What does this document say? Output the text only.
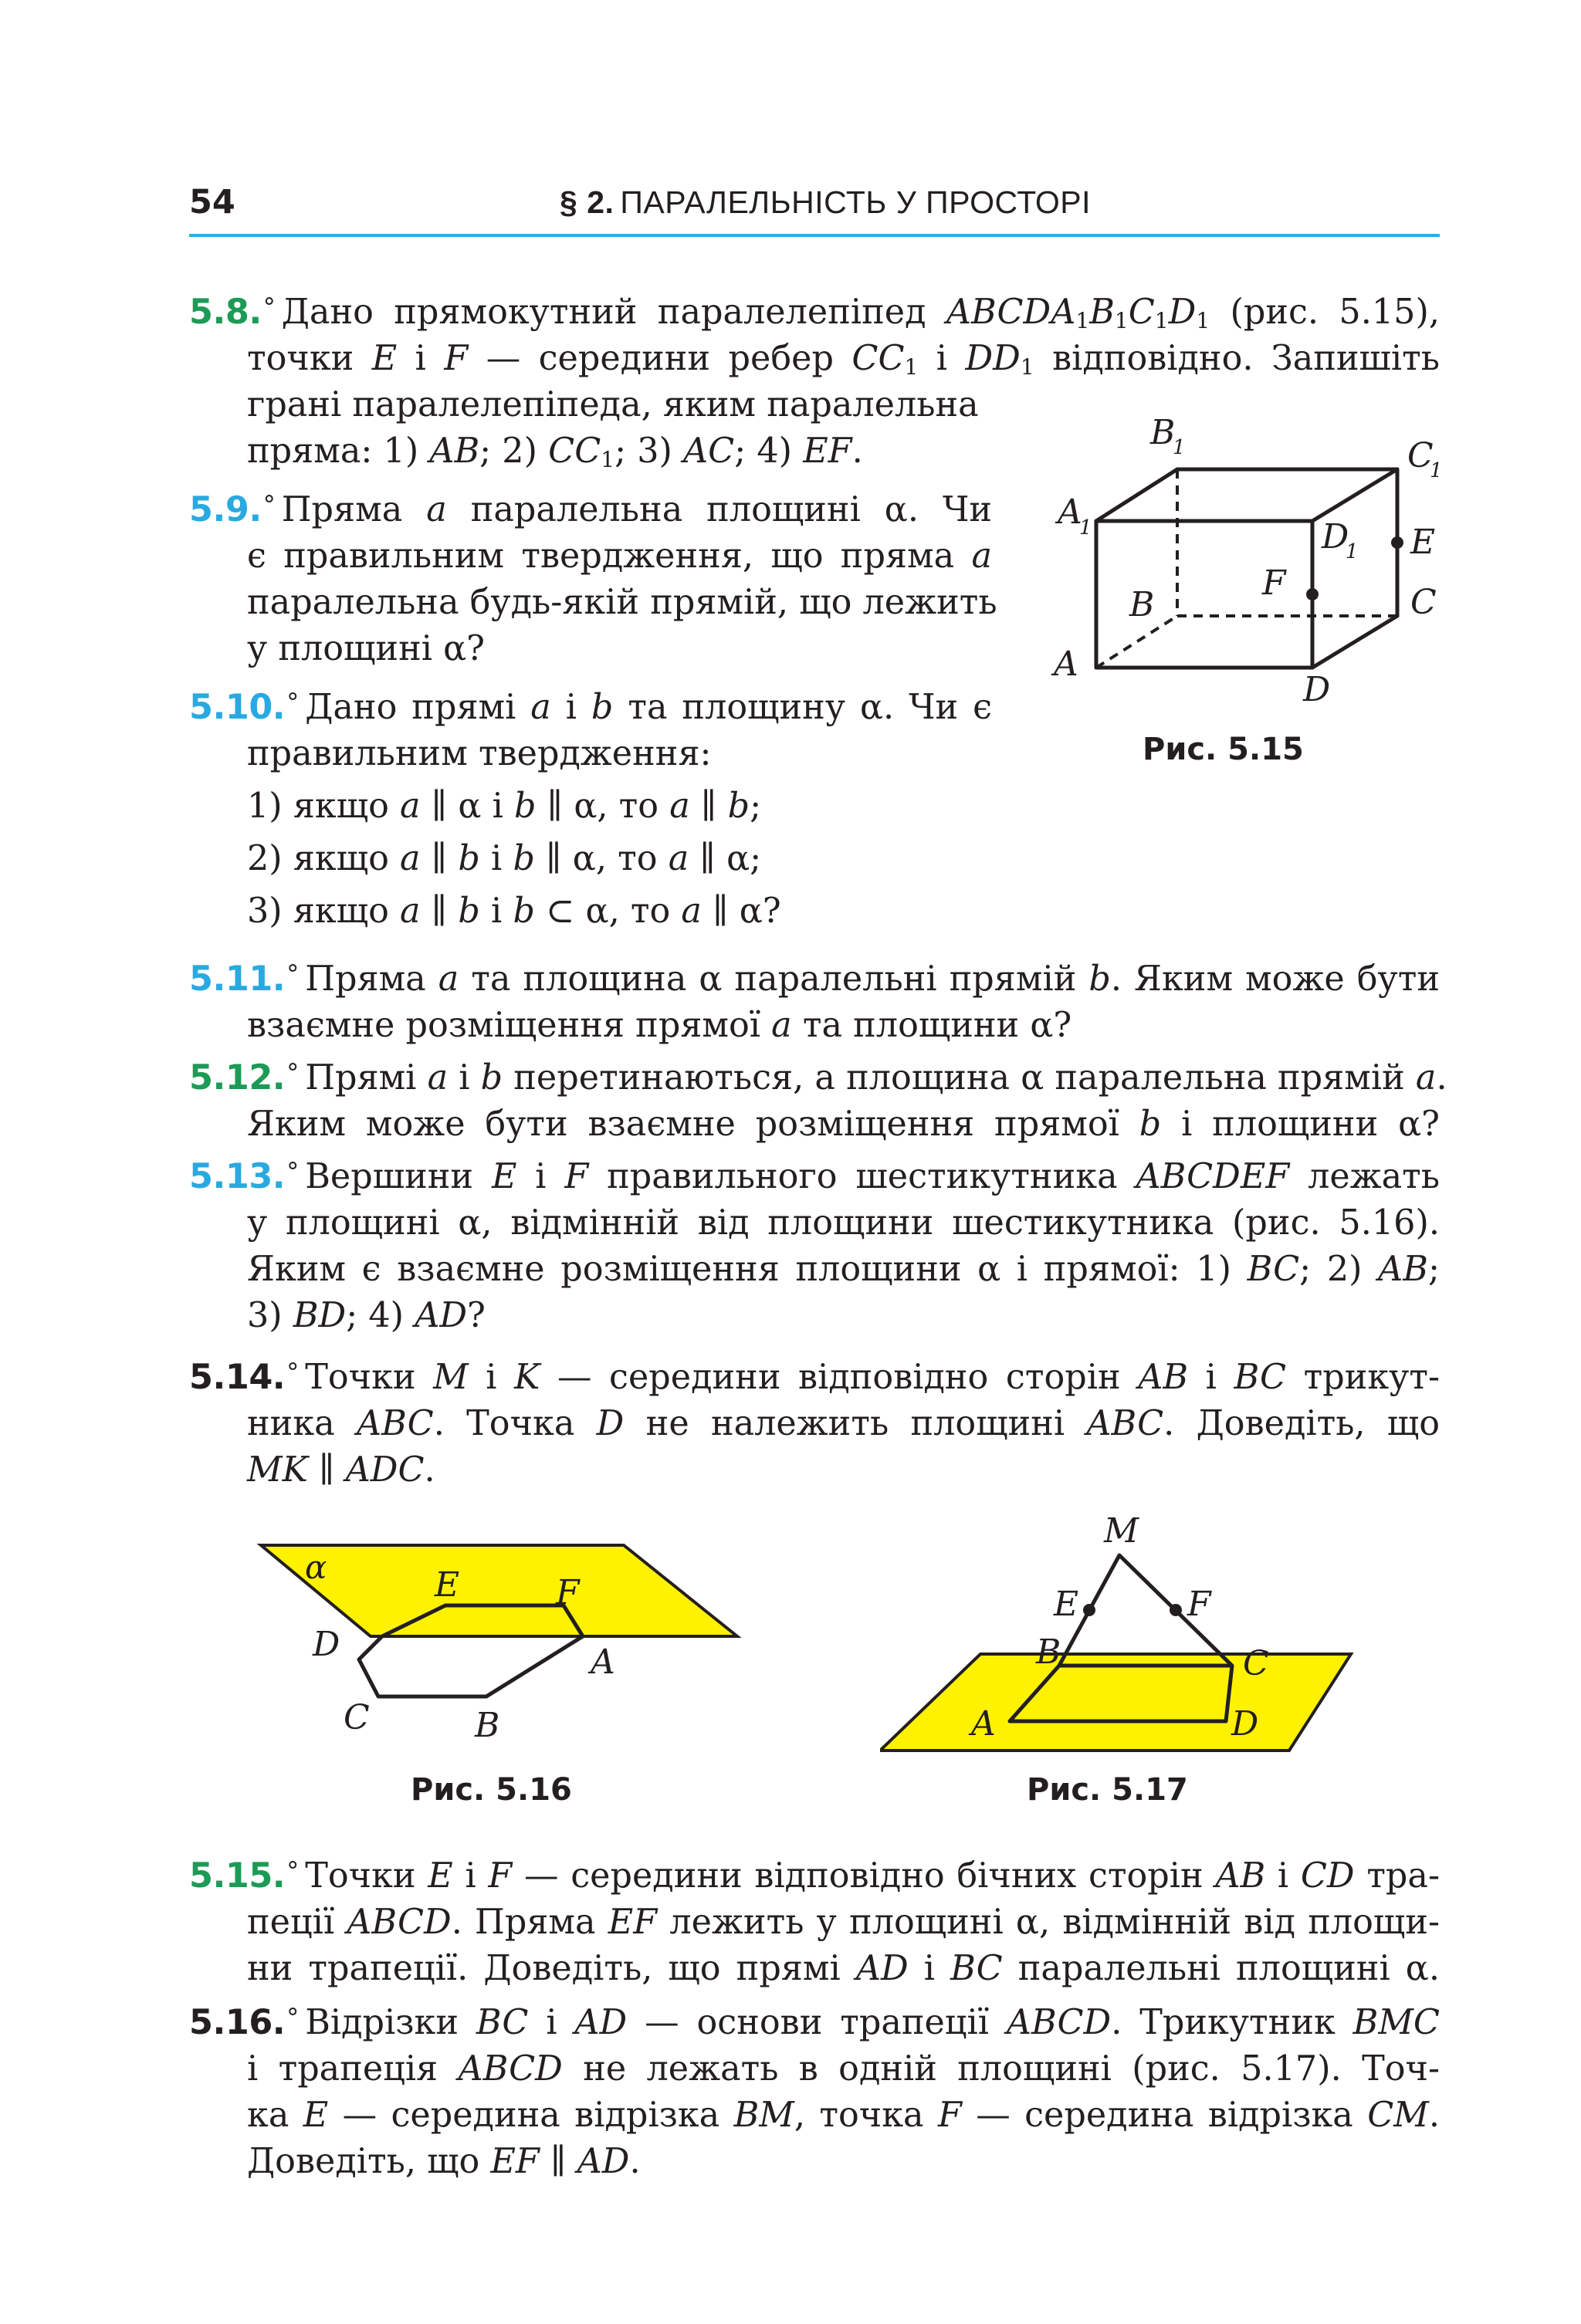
54	§ 2. ПАРАЛЕЛЬНІСТЬ У ПРОСТОРІ
5.8.° Дано прямокутний паралелепіпед $ABCDA_1B_1C_1D_1$ (рис. 5.15),
точки E і F — середини ребер $CC_1$ і $DD_1$ відповідно. Запишіть
грані паралелепіпеда, яким паралельна
пряма: 1) AB; 2) $CC_1$; 3) AC; 4) EF.
5.9.° Пряма a паралельна площині α. Чи
є правильним твердження, що пряма a
паралельна будь-якій прямій, що лежить
у площині α?
5.10.° Дано прямі a і b та площину α. Чи є
правильним твердження:
1) якщо a ∥ α і b ∥ α, то a ∥ b;
2) якщо a ∥ b і b ∥ α, то a ∥ α;
3) якщо a ∥ b і b ⊂ α, то a ∥ α?
5.11.° Пряма a та площина α паралельні прямій b. Яким може бути
взаємне розміщення прямої a та площини α?
5.12.° Прямі a і b перетинаються, а площина α паралельна прямій a.
Яким може бути взаємне розміщення прямої b і площини α?
5.13.° Вершини E і F правильного шестикутника ABCDEF лежать
у площині α, відмінній від площини шестикутника (рис. 5.16).
Яким є взаємне розміщення площини α і прямої: 1) BC; 2) AB;
3) BD; 4) AD?
5.14.° Точки M і K — середини відповідно сторін AB і BC трикут-
ника ABC. Точка D не належить площині ABC. Доведіть, що
MK ∥ ADC.
5.15.° Точки E і F — середини відповідно бічних сторін AB і CD тра-
пеції ABCD. Пряма EF лежить у площині α, відмінній від площи-
ни трапеції. Доведіть, що прямі AD і BC паралельні площині α.
5.16.° Відрізки BC і AD — основи трапеції ABCD. Трикутник BMC
і трапеція ABCD не лежать в одній площині (рис. 5.17). Точ-
ка E — середина відрізка BM, точка F — середина відрізка CM.
Доведіть, що EF ∥ AD.
A
1
B
1	C
1
D
1 E
F
B	C
A
D
Рис. 5.15
α	E	F
D	A
C	B
Рис. 5.16
M
E	F
B	C
A	D
Рис. 5.17
